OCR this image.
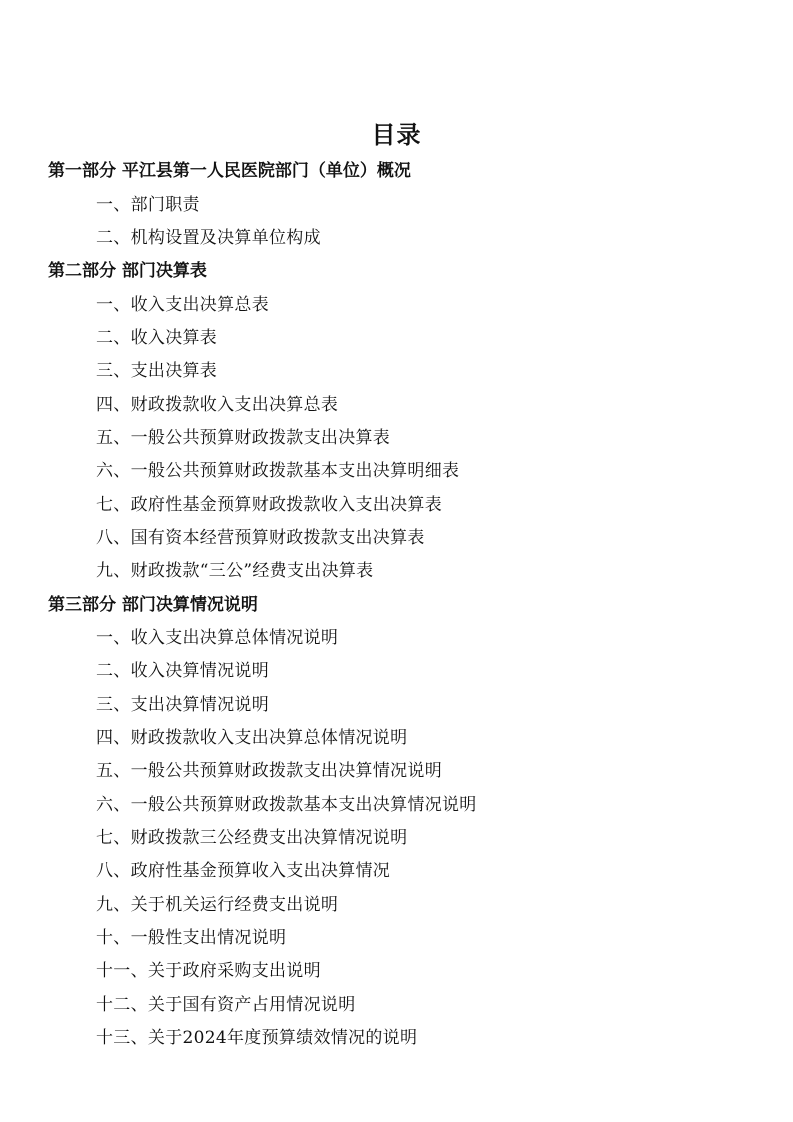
目录
第一部分 平江县第一人民医院部门（单位）概况
一、部门职责
二、机构设置及决算单位构成
第二部分 部门决算表
一、收入支出决算总表
二、收入决算表
三、支出决算表
四、财政拨款收入支出决算总表
五、一般公共预算财政拨款支出决算表
六、一般公共预算财政拨款基本支出决算明细表
七、政府性基金预算财政拨款收入支出决算表
八、国有资本经营预算财政拨款支出决算表
九、财政拨款“三公”经费支出决算表
第三部分 部门决算情况说明
一、收入支出决算总体情况说明
二、收入决算情况说明
三、支出决算情况说明
四、财政拨款收入支出决算总体情况说明
五、一般公共预算财政拨款支出决算情况说明
六、一般公共预算财政拨款基本支出决算情况说明
七、财政拨款三公经费支出决算情况说明
八、政府性基金预算收入支出决算情况
九、关于机关运行经费支出说明
十、一般性支出情况说明
十一、关于政府采购支出说明
十二、关于国有资产占用情况说明
十三、关于2024年度预算绩效情况的说明
